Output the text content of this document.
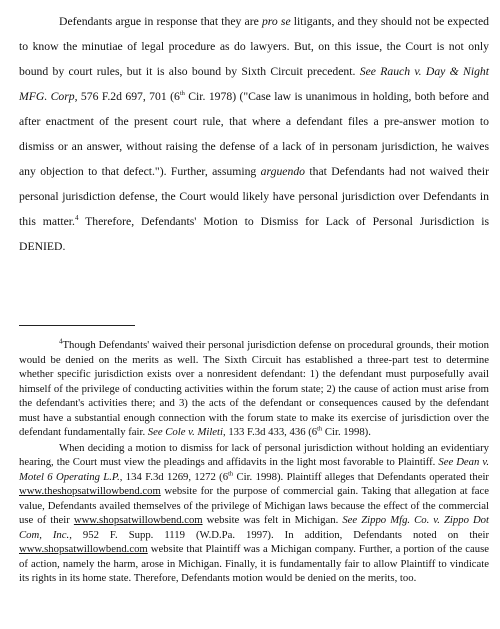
Defendants argue in response that they are pro se litigants, and they should not be expected to know the minutiae of legal procedure as do lawyers. But, on this issue, the Court is not only bound by court rules, but it is also bound by Sixth Circuit precedent. See Rauch v. Day & Night MFG. Corp, 576 F.2d 697, 701 (6th Cir. 1978) ("Case law is unanimous in holding, both before and after enactment of the present court rule, that where a defendant files a pre-answer motion to dismiss or an answer, without raising the defense of a lack of in personam jurisdiction, he waives any objection to that defect."). Further, assuming arguendo that Defendants had not waived their personal jurisdiction defense, the Court would likely have personal jurisdiction over Defendants in this matter.$^4$ Therefore, Defendants' Motion to Dismiss for Lack of Personal Jurisdiction is DENIED.

$^4$Though Defendants' waived their personal jurisdiction defense on procedural grounds, their motion would be denied on the merits as well. The Sixth Circuit has established a three-part test to determine whether specific jurisdiction exists over a nonresident defendant: 1) the defendant must purposefully avail himself of the privilege of conducting activities within the forum state; 2) the cause of action must arise from the defendant's activities there; and 3) the acts of the defendant or consequences caused by the defendant must have a substantial enough connection with the forum state to make its exercise of jurisdiction over the defendant fundamentally fair. See Cole v. Mileti, 133 F.3d 433, 436 (6th Cir. 1998).

When deciding a motion to dismiss for lack of personal jurisdiction without holding an evidentiary hearing, the Court must view the pleadings and affidavits in the light most favorable to Plaintiff. See Dean v. Motel 6 Operating L.P., 134 F.3d 1269, 1272 (6th Cir. 1998). Plaintiff alleges that Defendants operated their www.theshopsatwillowbend.com website for the purpose of commercial gain. Taking that allegation at face value, Defendants availed themselves of the privilege of Michigan laws because the effect of the commercial use of their www.shopsatwillowbend.com website was felt in Michigan. See Zippo Mfg. Co. v. Zippo Dot Com, Inc., 952 F. Supp. 1119 (W.D.Pa. 1997). In addition, Defendants noted on their www.shopsatwillowbend.com website that Plaintiff was a Michigan company. Further, a portion of the cause of action, namely the harm, arose in Michigan. Finally, it is fundamentally fair to allow Plaintiff to vindicate its rights in its home state. Therefore, Defendants motion would be denied on the merits, too.
